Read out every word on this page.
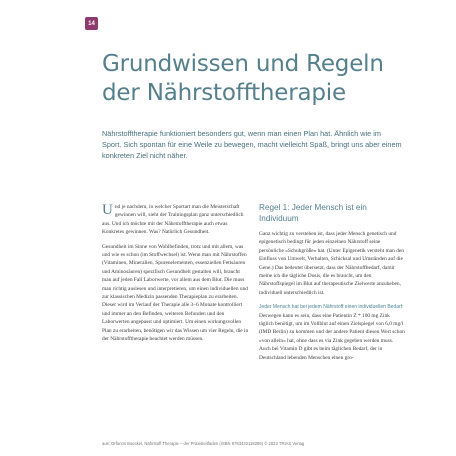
14
Grundwissen und Regeln der Nährstofftherapie

Nährstofftherapie funktioniert besonders gut, wenn man einen Plan hat. Ähnlich wie im Sport. Sich spontan für eine Weile zu bewegen, macht vielleicht Spaß, bringt uns aber einem konkreten Ziel nicht näher.

U nd je nachdem, in welcher Sportart man die Meisterschaft gewinnen will, sieht der Trainingsplan ganz unterschiedlich aus. Und ich möchte mit der Nährstofftherapie auch etwas Konkretes gewinnen. Was? Natürlich Gesundheit.

Gesundheit im Sinne von Wohlbefinden, trotz und mit allem, was und wie es schon (im Stoffwechsel) ist. Wenn man mit Nährstoffen (Vitaminen, Mineralien, Spurenelementen, essenziellen Fettsäuren und Aminosäuren) spezifisch Gesundheit gestalten will, braucht man auf jeden Fall Laborwerte, vor allem aus dem Blut. Die muss man richtig auslesen und interpretieren, um einen individuellen und zur klassischen Medizin passenden Therapieplan zu erarbeiten. Dieser wird im Verlauf der Therapie alle 3–6 Monate kontrolliert und immer an den Befinden, weiteren Befunden und den Laborwerten angepasst und optimiert. Um einen wirkungsvollen Plan zu erarbeiten, benötigen wir das Wissen um vier Regeln, die in der Nährstofftherapie beachtet werden müssen.

Regel 1: Jeder Mensch ist ein Individuum

Ganz wichtig zu verstehen ist, dass jeder Mensch genetisch und epigenetisch bedingt für jeden einzelnen Nährstoff seine persönliche »Schuhgröße« hat. (Unter Epigenetik versteht man den Einfluss von Umwelt, Verhalten, Schicksal und Umständen auf die Gene.) Das bedeutet übersetzt, dass der Nährstoffbedarf, damit meine ich die tägliche Dosis, die es braucht, um den Nährstoffspiegel im Blut auf therapeutische Zielwerte anzuheben, individuell unterschiedlich ist.

Jeder Mensch hat bei jedem Nährstoff einen individuellen Bedarf: Deswegen kann es sein, dass eine Patientin Z * 100 mg Zink täglich benötigt, um im Vollblut auf einen Zielspiegel von 6,0 mg/l (IMD Berlin) zu kommen und der andere Patient diesen Wert schon »von allein« hat, ohne dass es via Zink gegeben werden muss. Auch bei Vitamin D gibt es beim täglichen Bedarf, der in Deutschland lebenden Menschen einen gro-

aus: Orfanos Boeckel, Nährstoff Therapie – der Praxisleitfaden (ISBN 9783432118286) © 2023 TRIAS Verlag
